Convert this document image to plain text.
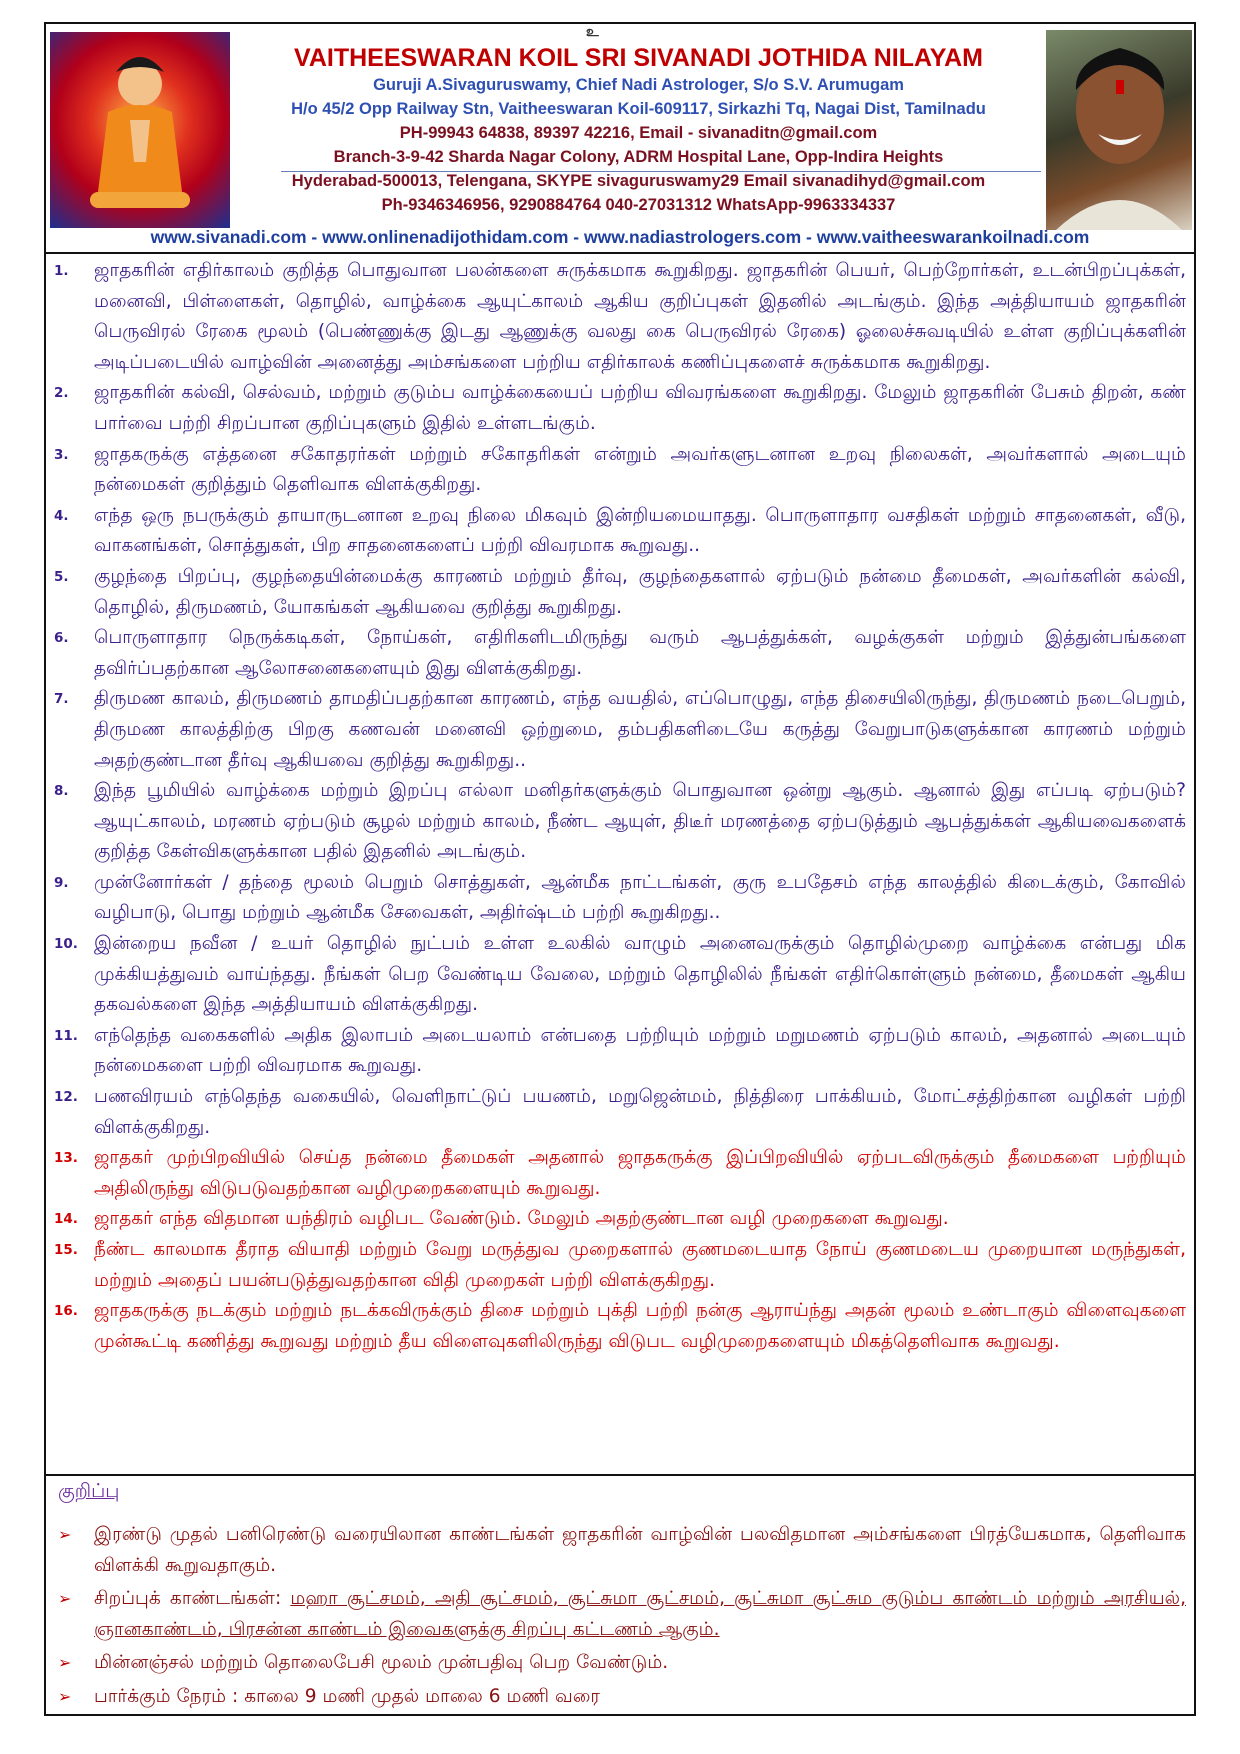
உ
VAITHEESWARAN KOIL SRI SIVANADI JOTHIDA NILAYAM
Guruji A.Sivaguruswamy, Chief Nadi Astrologer, S/o S.V. Arumugam
H/o 45/2 Opp Railway Stn, Vaitheeswaran Koil-609117, Sirkazhi Tq, Nagai Dist, Tamilnadu
PH-99943 64838, 89397 42216, Email - sivanaditn@gmail.com
Branch-3-9-42 Sharda Nagar Colony, ADRM Hospital Lane, Opp-Indira Heights
Hyderabad-500013, Telengana, SKYPE sivaguruswamy29 Email sivanadihyd@gmail.com
Ph-9346346956, 9290884764 040-27031312 WhatsApp-9963334337
www.sivanadi.com - www.onlinenadijothidam.com - www.nadiastrologers.com - www.vaitheeswarankoilnadi.com
1. ஜாதகரின் எதிர்காலம் குறித்த பொதுவான பலன்களை சுருக்கமாக கூறுகிறது. ஜாதகரின் பெயர், பெற்றோர்கள், உடன்பிறப்புக்கள், மனைவி, பிள்ளைகள், தொழில், வாழ்க்கை ஆயுட்காலம் ஆகிய குறிப்புகள் இதனில் அடங்கும். இந்த அத்தியாயம் ஜாதகரின் பெருவிரல் ரேகை மூலம் (பெண்ணுக்கு இடது ஆணுக்கு வலது கை பெருவிரல் ரேகை) ஓலைச்சுவடியில் உள்ள குறிப்புக்களின் அடிப்படையில் வாழ்வின் அனைத்து அம்சங்களை பற்றிய எதிர்காலக் கணிப்புகளைச் சுருக்கமாக கூறுகிறது.
2. ஜாதகரின் கல்வி, செல்வம், மற்றும் குடும்ப வாழ்க்கையைப் பற்றிய விவரங்களை கூறுகிறது. மேலும் ஜாதகரின் பேசும் திறன், கண் பார்வை பற்றி சிறப்பான குறிப்புகளும் இதில் உள்ளடங்கும்.
3. ஜாதகருக்கு எத்தனை சகோதரர்கள் மற்றும் சகோதரிகள் என்றும் அவர்களுடனான உறவு நிலைகள், அவர்களால் அடையும் நன்மைகள் குறித்தும் தெளிவாக விளக்குகிறது.
4. எந்த ஒரு நபருக்கும் தாயாருடனான உறவு நிலை மிகவும் இன்றியமையாதது. பொருளாதார வசதிகள் மற்றும் சாதனைகள், வீடு, வாகனங்கள், சொத்துகள், பிற சாதனைகளைப் பற்றி விவரமாக கூறுவது..
5. குழந்தை பிறப்பு, குழந்தையின்மைக்கு காரணம் மற்றும் தீர்வு, குழந்தைகளால் ஏற்படும் நன்மை தீமைகள், அவர்களின் கல்வி, தொழில், திருமணம், யோகங்கள் ஆகியவை குறித்து கூறுகிறது.
6. பொருளாதார நெருக்கடிகள், நோய்கள், எதிரிகளிடமிருந்து வரும் ஆபத்துக்கள், வழக்குகள் மற்றும் இத்துன்பங்களை தவிர்ப்பதற்கான ஆலோசனைகளையும் இது விளக்குகிறது.
7. திருமண காலம், திருமணம் தாமதிப்பதற்கான காரணம், எந்த வயதில், எப்பொழுது, எந்த திசையிலிருந்து, திருமணம் நடைபெறும், திருமண காலத்திற்கு பிறகு கணவன் மனைவி ஒற்றுமை, தம்பதிகளிடையே கருத்து வேறுபாடுகளுக்கான காரணம் மற்றும் அதற்குண்டான தீர்வு ஆகியவை குறித்து கூறுகிறது..
8. இந்த பூமியில் வாழ்க்கை மற்றும் இறப்பு எல்லா மனிதர்களுக்கும் பொதுவான ஒன்று ஆகும். ஆனால் இது எப்படி ஏற்படும்? ஆயுட்காலம், மரணம் ஏற்படும் சூழல் மற்றும் காலம், நீண்ட ஆயுள், திடீர் மரணத்தை ஏற்படுத்தும் ஆபத்துக்கள் ஆகியவைகளைக் குறித்த கேள்விகளுக்கான பதில் இதனில் அடங்கும்.
9. முன்னோர்கள் / தந்தை மூலம் பெறும் சொத்துகள், ஆன்மீக நாட்டங்கள், குரு உபதேசம் எந்த காலத்தில் கிடைக்கும், கோவில் வழிபாடு, பொது மற்றும் ஆன்மீக சேவைகள், அதிர்ஷ்டம் பற்றி கூறுகிறது..
10. இன்றைய நவீன / உயர் தொழில் நுட்பம் உள்ள உலகில் வாழும் அனைவருக்கும் தொழில்முறை வாழ்க்கை என்பது மிக முக்கியத்துவம் வாய்ந்தது. நீங்கள் பெற வேண்டிய வேலை, மற்றும் தொழிலில் நீங்கள் எதிர்கொள்ளும் நன்மை, தீமைகள் ஆகிய தகவல்களை இந்த அத்தியாயம் விளக்குகிறது.
11. எந்தெந்த வகைகளில் அதிக இலாபம் அடையலாம் என்பதை பற்றியும் மற்றும் மறுமணம் ஏற்படும் காலம், அதனால் அடையும் நன்மைகளை பற்றி விவரமாக கூறுவது.
12. பணவிரயம் எந்தெந்த வகையில், வெளிநாட்டுப் பயணம், மறுஜென்மம், நித்திரை பாக்கியம், மோட்சத்திற்கான வழிகள் பற்றி விளக்குகிறது.
13. ஜாதகர் முற்பிறவியில் செய்த நன்மை தீமைகள் அதனால் ஜாதகருக்கு இப்பிறவியில் ஏற்படவிருக்கும் தீமைகளை பற்றியும் அதிலிருந்து விடுபடுவதற்கான வழிமுறைகளையும் கூறுவது.
14. ஜாதகர் எந்த விதமான யந்திரம் வழிபட வேண்டும். மேலும் அதற்குண்டான வழி முறைகளை கூறுவது.
15. நீண்ட காலமாக தீராத வியாதி மற்றும் வேறு மருத்துவ முறைகளால் குணமடையாத நோய் குணமடைய முறையான மருந்துகள், மற்றும் அதைப் பயன்படுத்துவதற்கான விதி முறைகள் பற்றி விளக்குகிறது.
16. ஜாதகருக்கு நடக்கும் மற்றும் நடக்கவிருக்கும் திசை மற்றும் புக்தி பற்றி நன்கு ஆராய்ந்து அதன் மூலம் உண்டாகும் விளைவுகளை முன்கூட்டி கணித்து கூறுவது மற்றும் தீய விளைவுகளிலிருந்து விடுபட வழிமுறைகளையும் மிகத்தெளிவாக கூறுவது.
குறிப்பு
➢ இரண்டு முதல் பனிரெண்டு வரையிலான காண்டங்கள் ஜாதகரின் வாழ்வின் பலவிதமான அம்சங்களை பிரத்யேகமாக, தெளிவாக விளக்கி கூறுவதாகும்.
➢ சிறப்புக் காண்டங்கள்: மஹா சூட்சமம், அதி சூட்சமம், சூட்சுமா சூட்சமம், சூட்சுமா சூட்சும குடும்ப காண்டம் மற்றும் அரசியல், ஞானகாண்டம், பிரசன்ன காண்டம் இவைகளுக்கு சிறப்பு கட்டணம் ஆகும்.
➢ மின்னஞ்சல் மற்றும் தொலைபேசி மூலம் முன்பதிவு பெற வேண்டும்.
➢ பார்க்கும் நேரம் : காலை 9 மணி முதல் மாலை 6 மணி வரை
